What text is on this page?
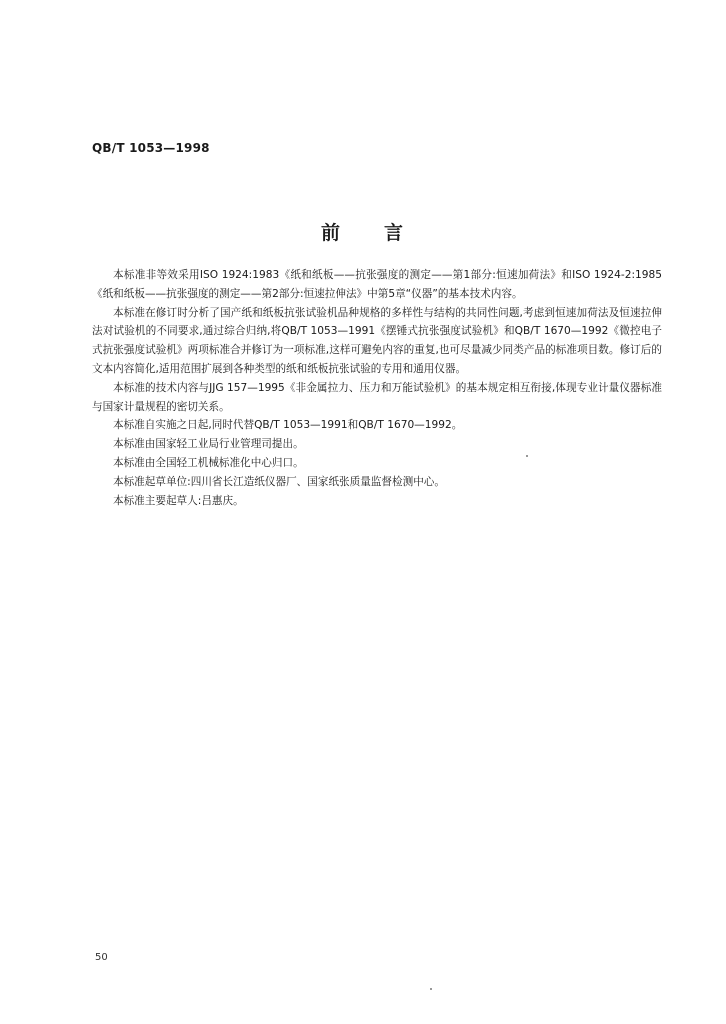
QB/T 1053—1998
前 言

本标准非等效采用ISO 1924:1983《纸和纸板——抗张强度的测定——第1部分:恒速加荷法》和ISO 1924-2:1985《纸和纸板——抗张强度的测定——第2部分:恒速拉伸法》中第5章“仪器”的基本技术内容。

本标准在修订时分析了国产纸和纸板抗张试验机品种规格的多样性与结构的共同性问题,考虑到恒速加荷法及恒速拉伸法对试验机的不同要求,通过综合归纳,将QB/T 1053—1991《摆锤式抗张强度试验机》和QB/T 1670—1992《微控电子式抗张强度试验机》两项标准合并修订为一项标准,这样可避免内容的重复,也可尽量减少同类产品的标准项目数。修订后的文本内容简化,适用范围扩展到各种类型的纸和纸板抗张试验的专用和通用仪器。

本标准的技术内容与JJG 157—1995《非金属拉力、压力和万能试验机》的基本规定相互衔接,体现专业计量仪器标准与国家计量规程的密切关系。

本标准自实施之日起,同时代替QB/T 1053—1991和QB/T 1670—1992。

本标准由国家轻工业局行业管理司提出。

本标准由全国轻工机械标准化中心归口。

本标准起草单位:四川省长江造纸仪器厂、国家纸张质量监督检测中心。

本标准主要起草人:吕惠庆。

50
